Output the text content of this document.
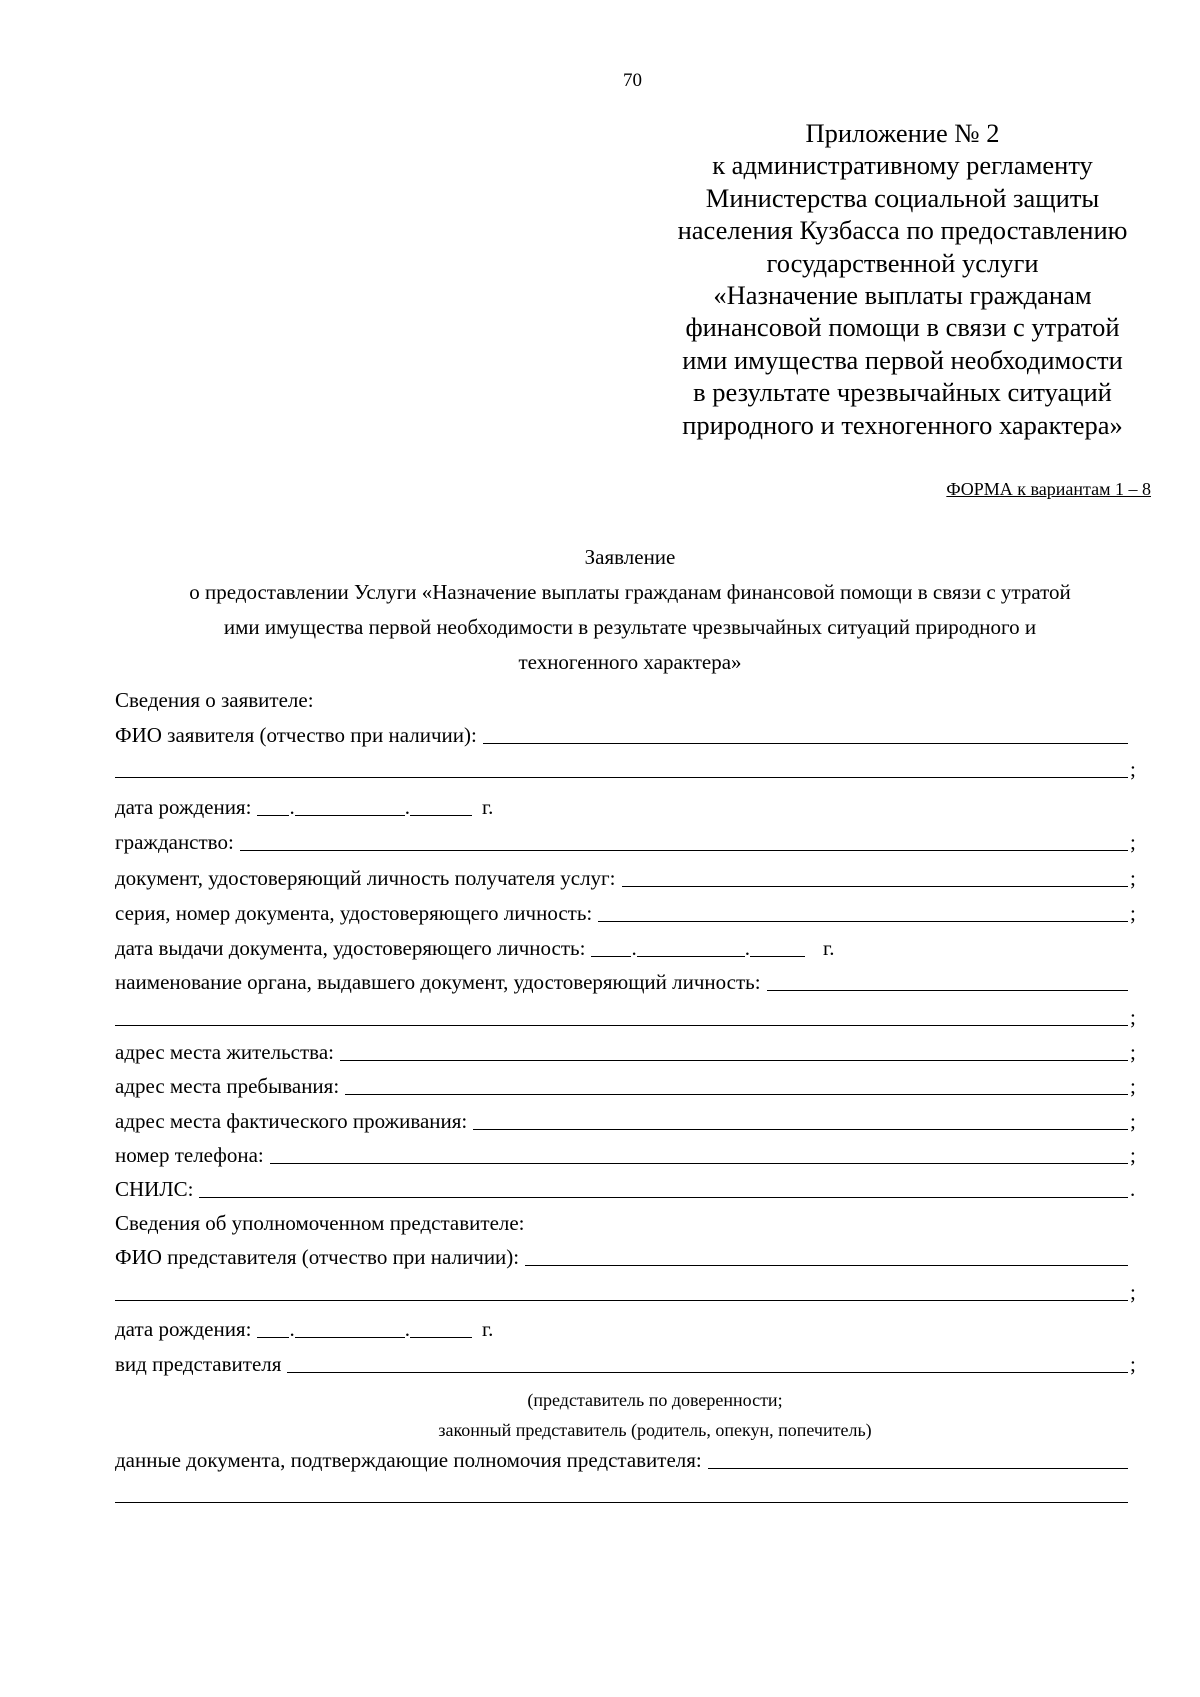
70
Приложение № 2
к административному регламенту
Министерства социальной защиты
населения Кузбасса по предоставлению
государственной услуги
«Назначение выплаты гражданам
финансовой помощи в связи с утратой
ими имущества первой необходимости
в результате чрезвычайных ситуаций
природного и техногенного характера»
ФОРМА к вариантам 1 – 8
Заявление
о предоставлении Услуги «Назначение выплаты гражданам финансовой помощи в связи с утратой
ими имущества первой необходимости в результате чрезвычайных ситуаций природного и
техногенного характера»
Сведения о заявителе:
ФИО заявителя (отчество при наличии):
;
дата рождения: .	.	г.
гражданство:	;
документ, удостоверяющий личность получателя услуг:	;
серия, номер документа, удостоверяющего личность:	;
дата выдачи документа, удостоверяющего личность: .	.	г.
наименование органа, выдавшего документ, удостоверяющий личность:
;
адрес места жительства:	;
адрес места пребывания:	;
адрес места фактического проживания:	;
номер телефона:	;
СНИЛС:	.
Сведения об уполномоченном представителе:
ФИО представителя (отчество при наличии):
;
дата рождения: .	.	г.
вид представителя	;
данные документа, подтверждающие полномочия представителя:
(представитель по доверенности;
законный представитель (родитель, опекун, попечитель)
